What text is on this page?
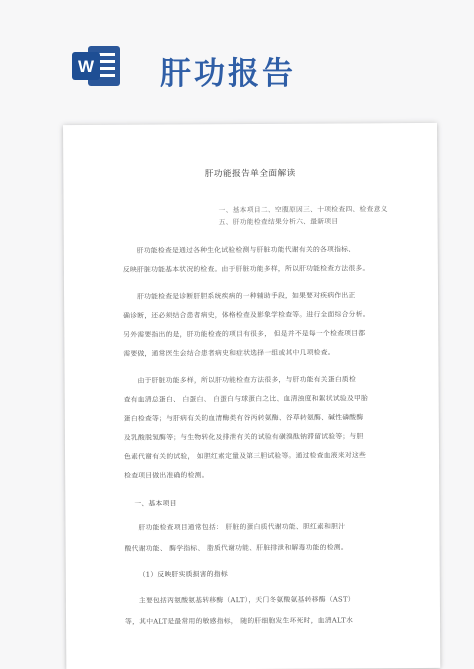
W 肝功报告
肝功能报告单全面解读
一、基本项目二、空腹原因三、十项检查四、检查意义
五、肝功能检查结果分析六、最新项目
肝功能检查是通过各种生化试验检测与肝脏功能代谢有关的各项指标、
反映肝脏功能基本状况的检查。由于肝脏功能多样，所以肝功能检查方法很多。
肝功能检查是诊断肝胆系统疾病的一种辅助手段，如果要对疾病作出正
确诊断，还必须结合患者病史，体格检查及影象学检查等。进行全面综合分析。
另外需要指出的是，肝功能检查的项目有很多， 但是并不是每一个检查项目都
需要做，通常医生会结合患者病史和症状选择一组或其中几项检查。
由于肝脏功能多样，所以肝功能检查方法很多，与肝功能有关蛋白质检
查有血清总蛋白、 白蛋白、 白蛋白与球蛋白之比、血清浊度和絮状试验及甲胎
蛋白检查等；与肝病有关的血清酶类有谷丙转氨酶、谷草转氨酶、碱性磷酸酶
及乳酸脱氢酶等；与生物转化及排泄有关的试验有磺溴酞钠滞留试验等；与胆
色素代谢有关的试验， 如胆红素定量及第三胆试验等。通过检查血液来对这些
检查项目做出准确的检测。
一、基本项目
肝功能检查项目通常包括： 肝脏的蛋白质代谢功能、胆红素和胆汁
酸代谢功能、 酶学指标、 脂质代谢功能、肝脏排泄和解毒功能的检测。
（1）反映肝实质损害的指标
主要包括丙氨酸氨基转移酶（ALT），天门冬氨酸氨基转移酶（AST）
等，其中ALT是最常用的敏感指标， 随的肝细胞发生坏死时，血清ALT水
